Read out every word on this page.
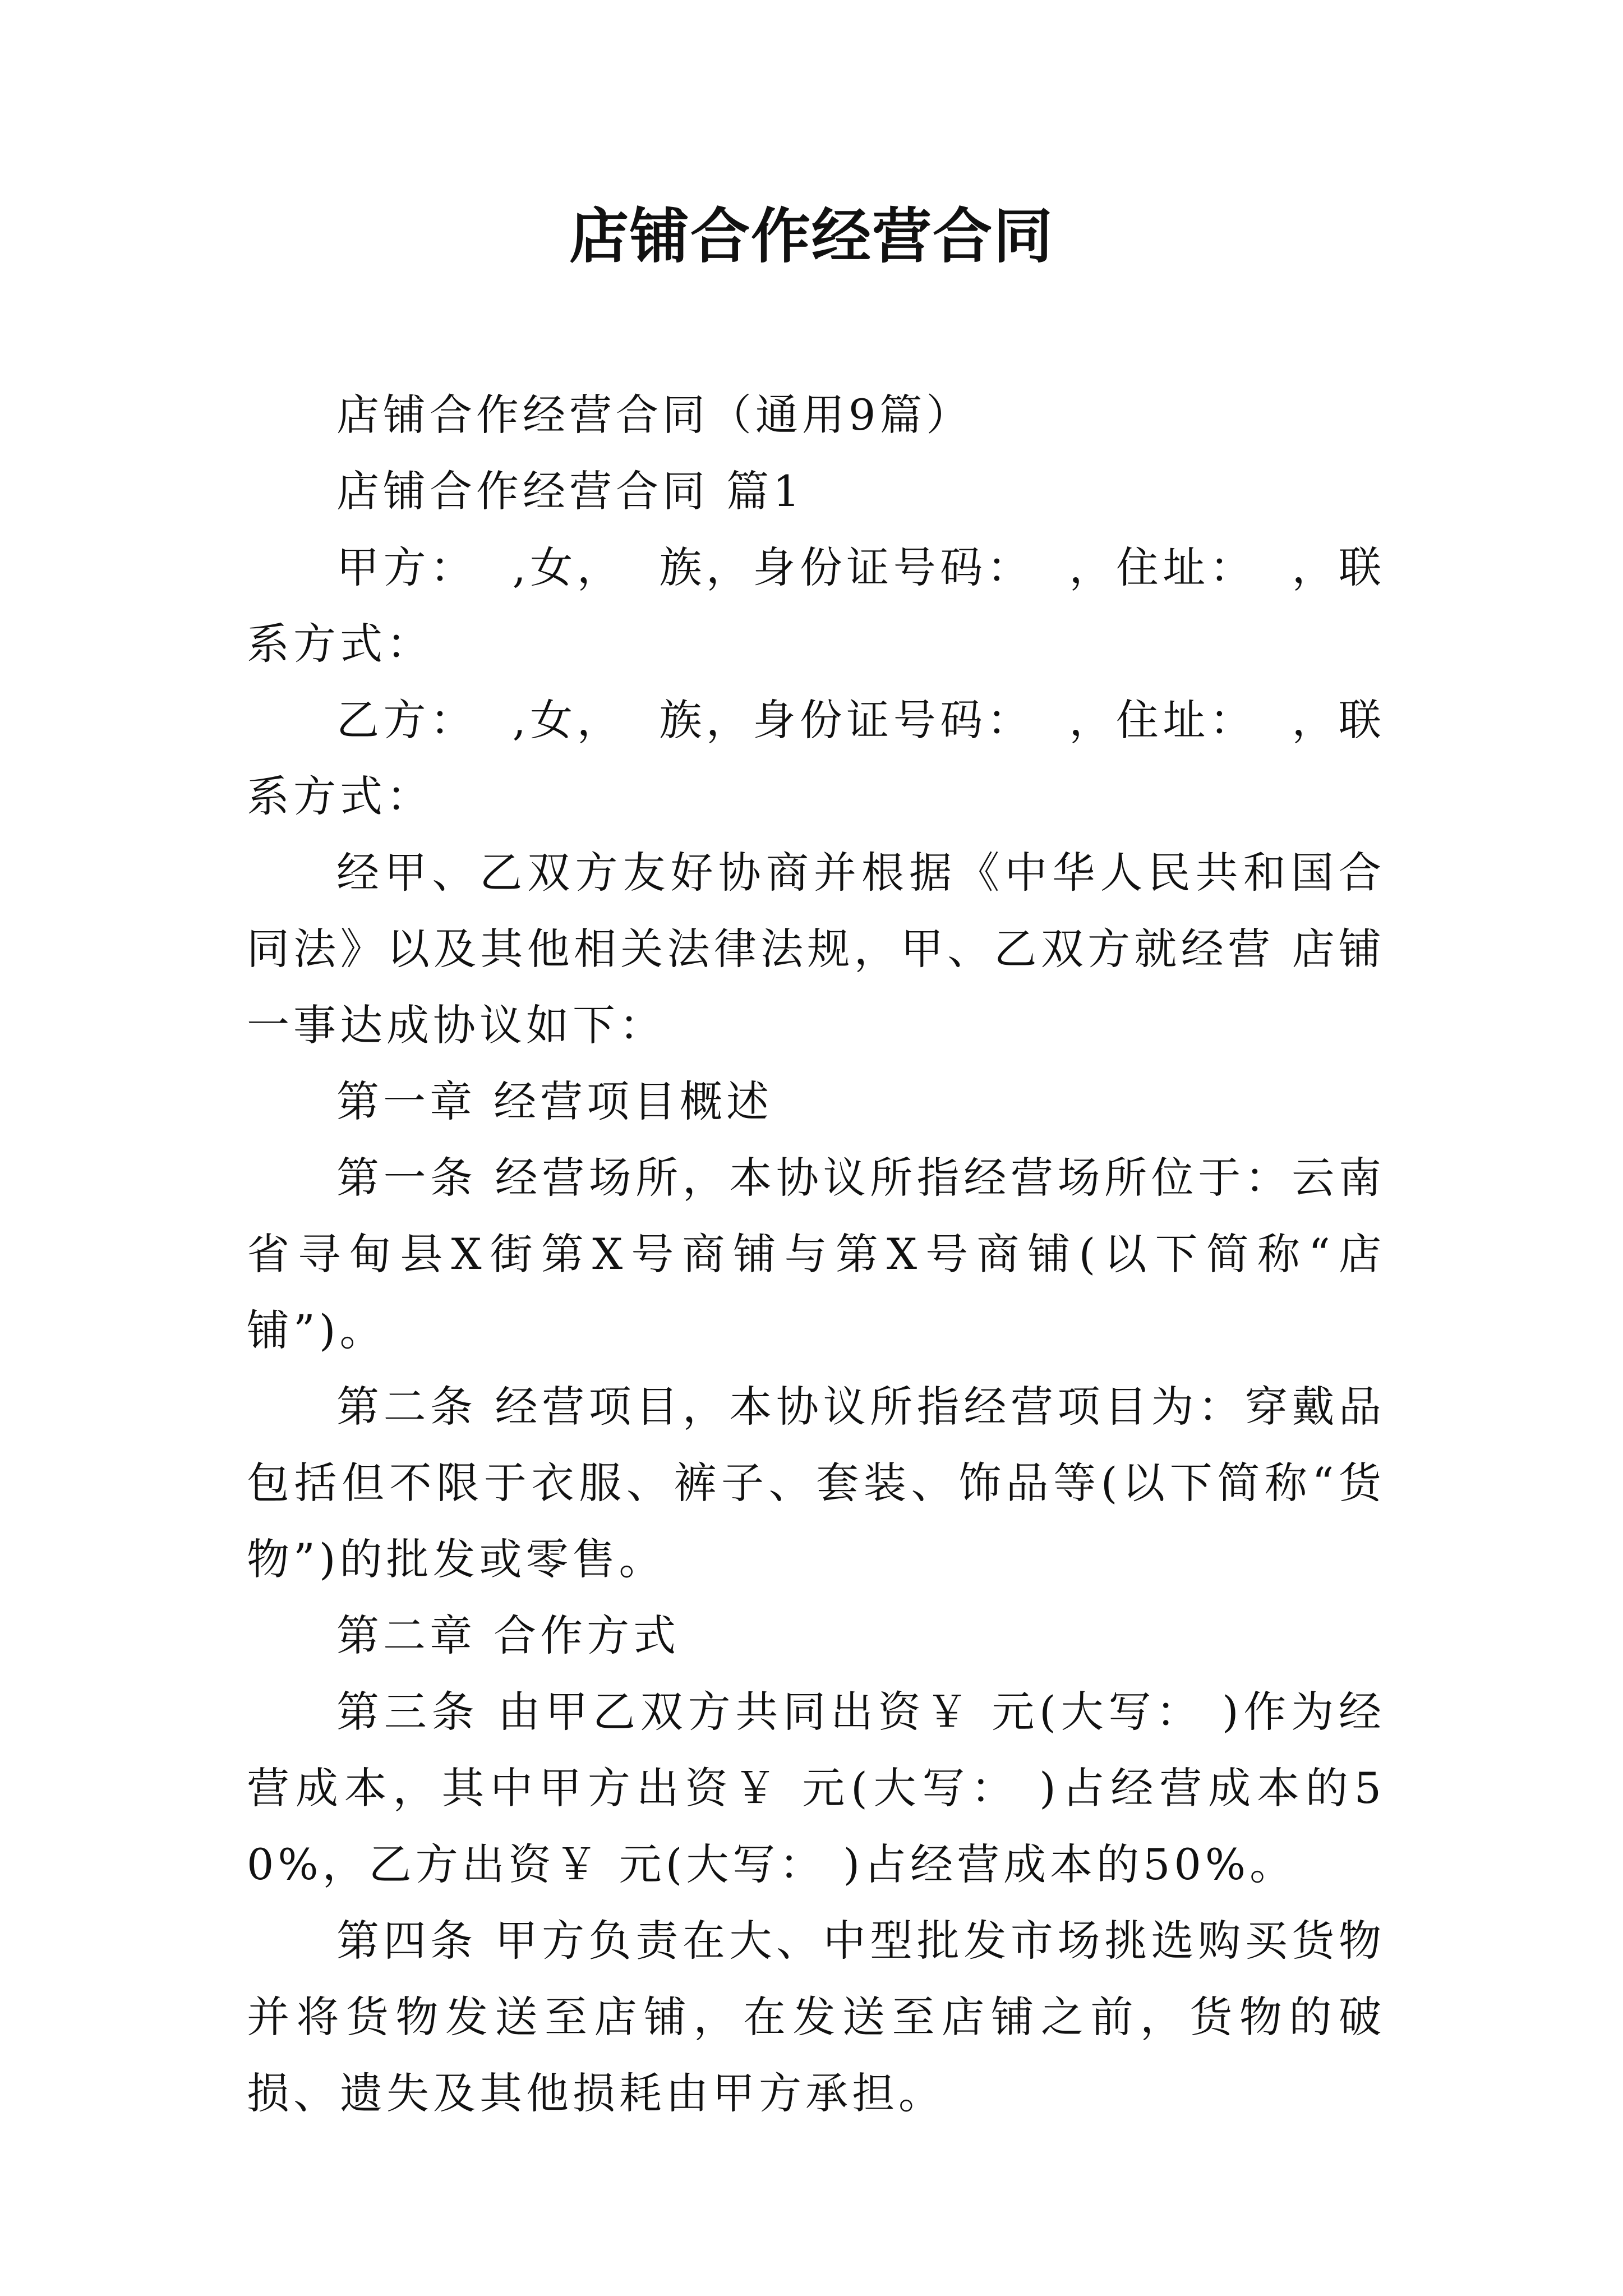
店铺合作经营合同

店铺合作经营合同（通用9篇）

店铺合作经营合同 篇1

甲方：  ,女，  族，身份证号码：  ，住址：  ，联系方式：

乙方：  ,女，  族，身份证号码：  ，住址：  ，联系方式：

经甲、乙双方友好协商并根据《中华人民共和国合同法》以及其他相关法律法规，甲、乙双方就经营 店铺一事达成协议如下：

第一章 经营项目概述

第一条 经营场所，本协议所指经营场所位于：云南省寻甸县X街第X号商铺与第X号商铺(以下简称“店铺”)。

第二条 经营项目，本协议所指经营项目为：穿戴品包括但不限于衣服、裤子、套装、饰品等(以下简称“货物”)的批发或零售。

第二章 合作方式

第三条 由甲乙双方共同出资￥ 元(大写： )作为经营成本，其中甲方出资￥ 元(大写： )占经营成本的50%，乙方出资￥ 元(大写： )占经营成本的50%。

第四条 甲方负责在大、中型批发市场挑选购买货物并将货物发送至店铺，在发送至店铺之前，货物的破损、遗失及其他损耗由甲方承担。
